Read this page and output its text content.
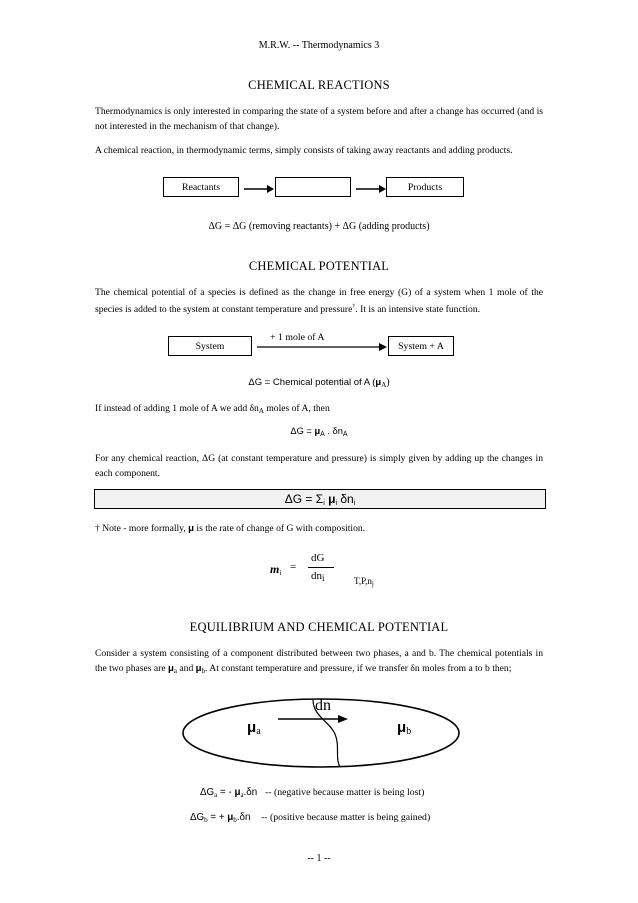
M.R.W. -- Thermodynamics 3
CHEMICAL REACTIONS
Thermodynamics is only interested in comparing the state of a system before and after a change has occurred (and is not interested in the mechanism of that change).
A chemical reaction, in thermodynamic terms, simply consists of taking away reactants and adding products.
Reactants	Products
ΔG = ΔG (removing reactants) + ΔG (adding products)
CHEMICAL POTENTIAL
The chemical potential of a species is defined as the change in free energy (G) of a system when 1 mole of the species is added to the system at constant temperature and pressure†. It is an intensive state function.
System
+ 1 mole of A
System + A
ΔG = Chemical potential of A $(\mu_A)$
If instead of adding 1 mole of A we add $\delta n_A$ moles of A, then
$\Delta G = \mu_A$ . $\delta n_A$
For any chemical reaction, ΔG (at constant temperature and pressure) is simply given by adding up the changes in each component.
$\Delta G = \Sigma_i$ $\mu_i$ $\delta n_i$
† Note - more formally, μ is the rate of change of G with composition.
$m_i$ =
dG
$dn_i$	$T,P,n_j$
EQUILIBRIUM AND CHEMICAL POTENTIAL
Consider a system consisting of a component distributed between two phases, a and b. The chemical potentials in the two phases are $\mu_a$ and $\mu_b$. At constant temperature and pressure, if we transfer δn moles from a to b then;
dn
$\mu_a$	$\mu_b$
$\Delta G_a$ = - $\mu_a.\delta n$ -- (negative because matter is being lost)
$\Delta G_b$ = + $\mu_b.\delta n$ -- (positive because matter is being gained)
-- 1 --
